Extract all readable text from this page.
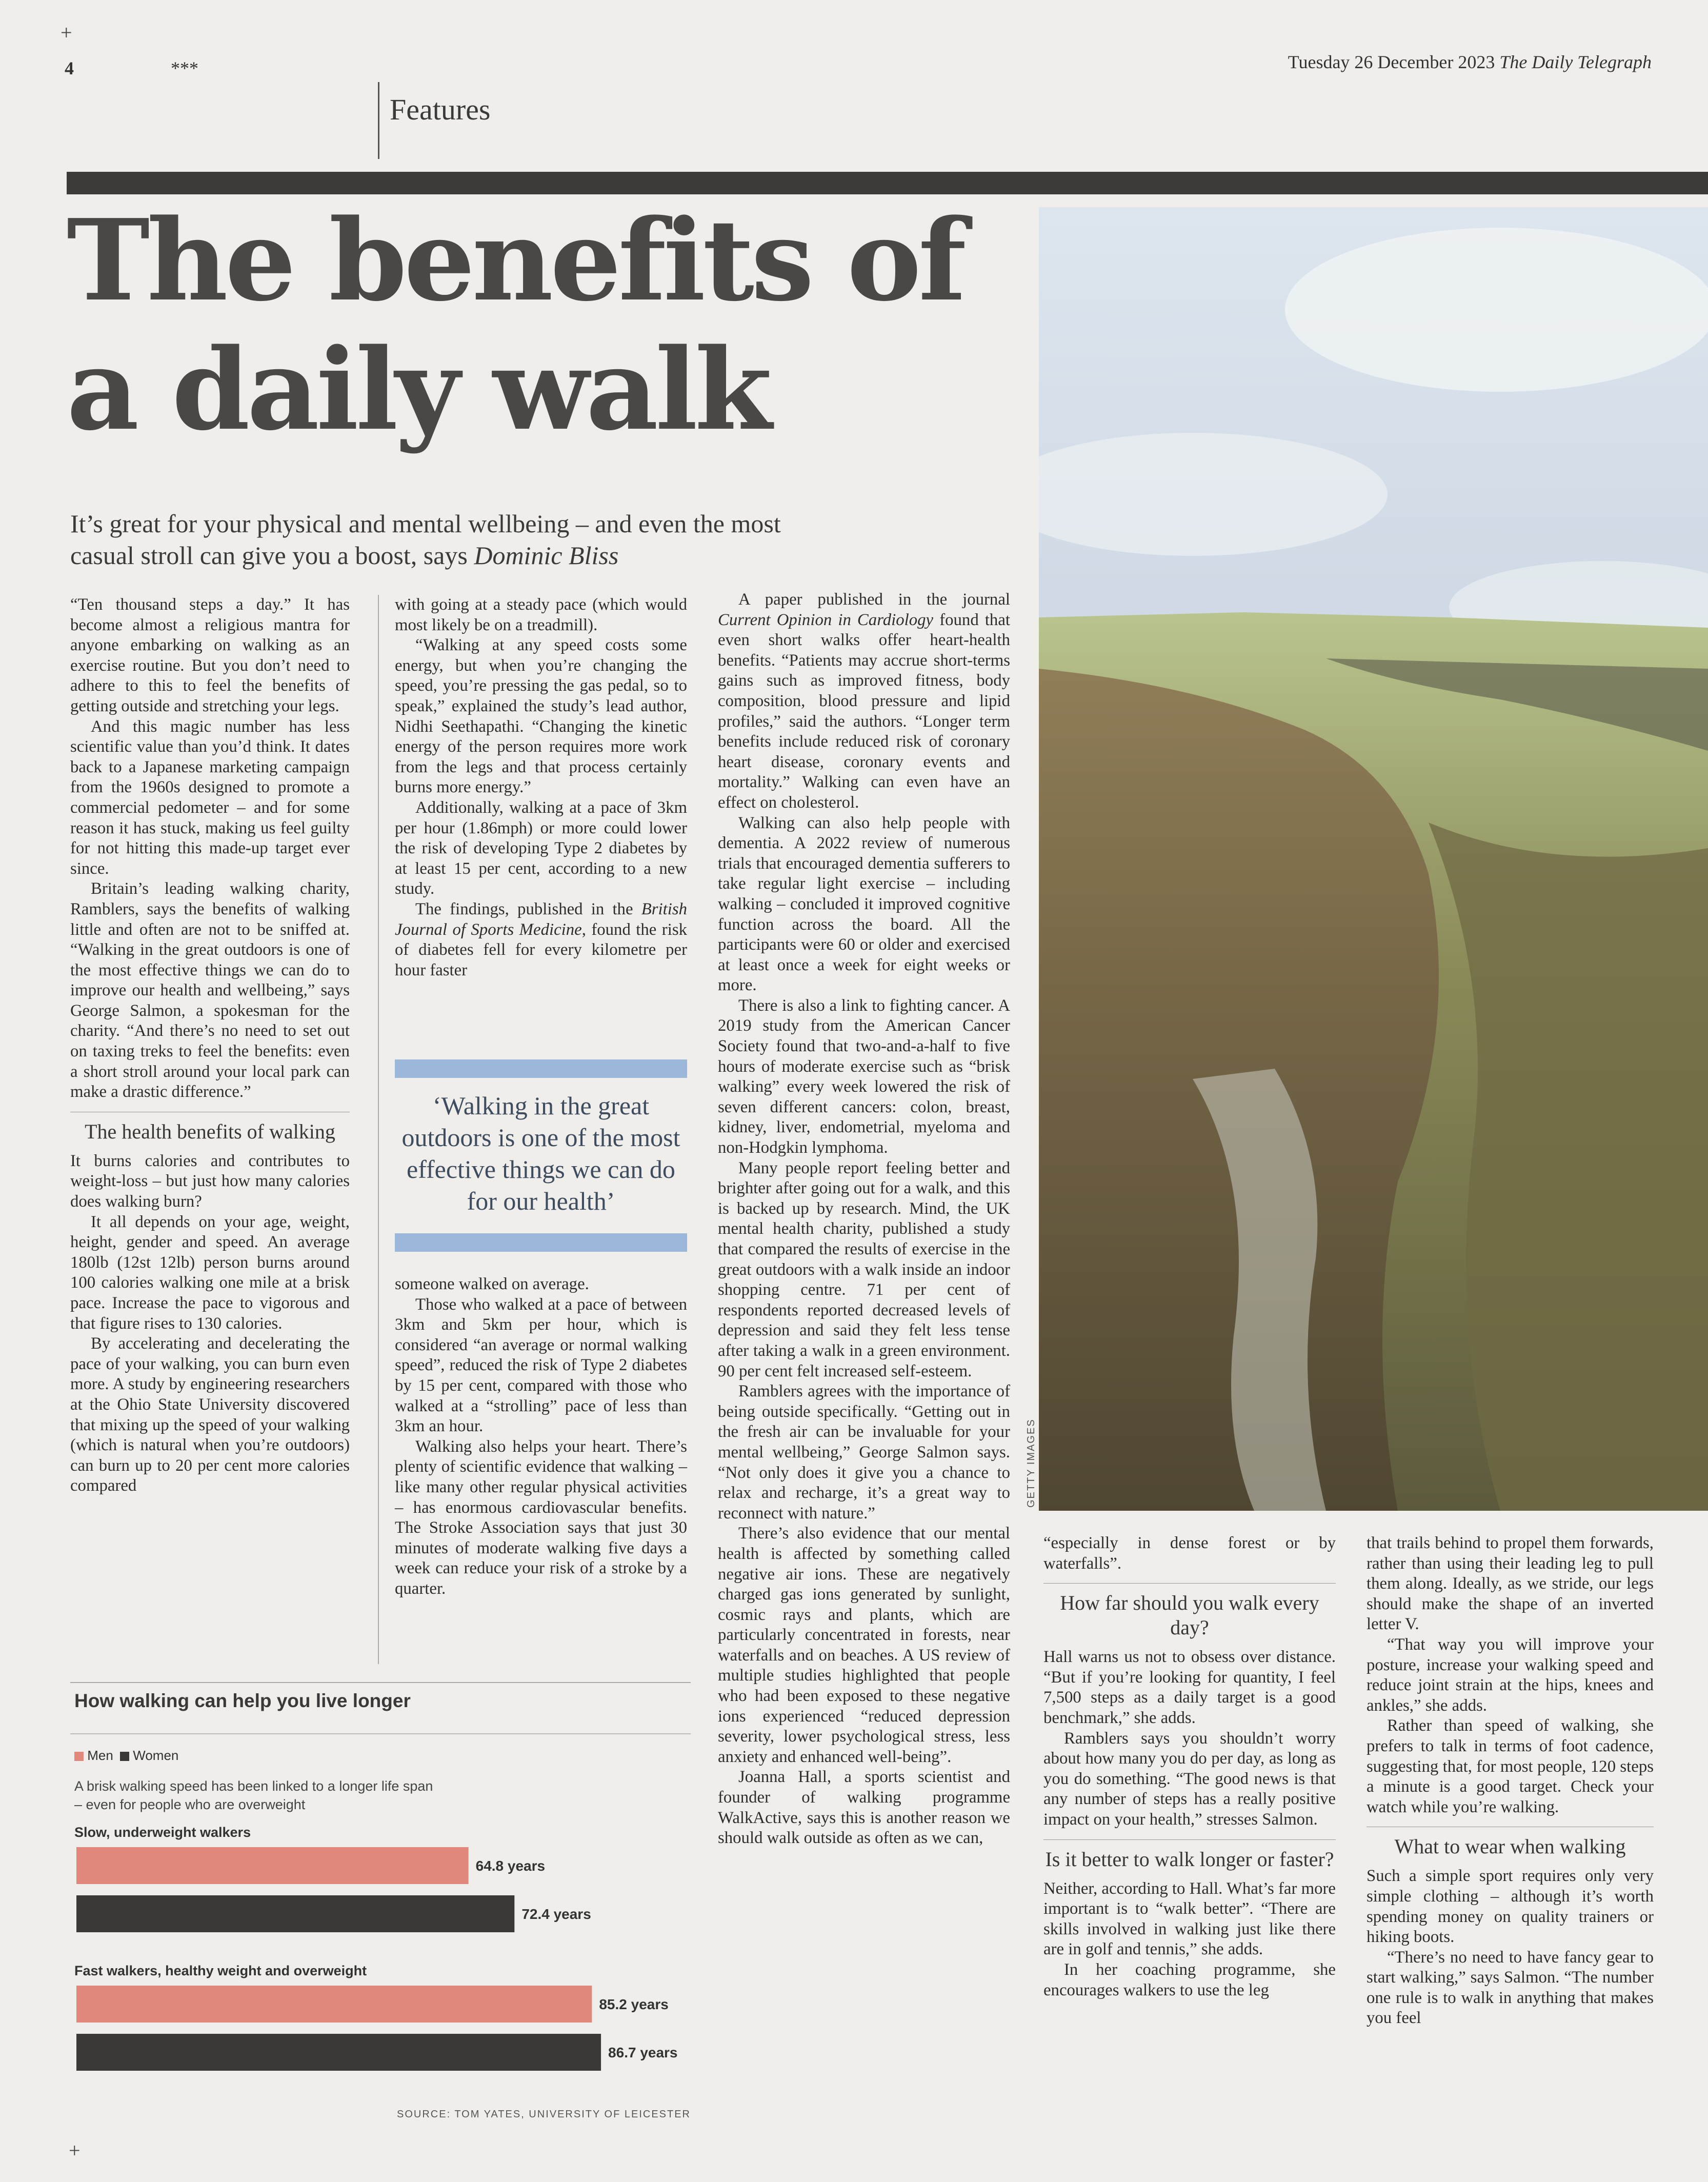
+
+
4	***	Tuesday 26 December 2023 The Daily Telegraph
Features
The benefits of
a daily walk
It’s great for your physical and mental wellbeing – and even the most
casual stroll can give you a boost, says Dominic Bliss
GETTY IMAGES

“Ten thousand steps a day.” It has become almost a religious mantra for anyone embarking on walking as an exercise routine. But you don’t need to adhere to this to feel the benefits of getting outside and stretching your legs.

And this magic number has less scientific value than you’d think. It dates back to a Japanese marketing campaign from the 1960s designed to promote a commercial pedometer – and for some reason it has stuck, making us feel guilty for not hitting this made-up target ever since.

Britain’s leading walking charity, Ramblers, says the benefits of walking little and often are not to be sniffed at. “Walking in the great outdoors is one of the most effective things we can do to improve our health and wellbeing,” says George Salmon, a spokesman for the charity. “And there’s no need to set out on taxing treks to feel the benefits: even a short stroll around your local park can make a drastic difference.”

The health benefits of walking

It burns calories and contributes to weight-loss – but just how many calories does walking burn?

It all depends on your age, weight, height, gender and speed. An average 180lb (12st 12lb) person burns around 100 calories walking one mile at a brisk pace. Increase the pace to vigorous and that figure rises to 130 calories.

By accelerating and decelerating the pace of your walking, you can burn even more. A study by engineering researchers at the Ohio State University discovered that mixing up the speed of your walking (which is natural when you’re outdoors) can burn up to 20 per cent more calories compared

with going at a steady pace (which would most likely be on a treadmill).

“Walking at any speed costs some energy, but when you’re changing the speed, you’re pressing the gas pedal, so to speak,” explained the study’s lead author, Nidhi Seethapathi. “Changing the kinetic energy of the person requires more work from the legs and that process certainly burns more energy.”

Additionally, walking at a pace of 3km per hour (1.86mph) or more could lower the risk of developing Type 2 diabetes by at least 15 per cent, according to a new study.

The findings, published in the British Journal of Sports Medicine, found the risk of diabetes fell for every kilometre per hour faster

‘Walking in the great outdoors is one of the most effective things we can do for our health’

someone walked on average.

Those who walked at a pace of between 3km and 5km per hour, which is considered “an average or normal walking speed”, reduced the risk of Type 2 diabetes by 15 per cent, compared with those who walked at a “strolling” pace of less than 3km an hour.

Walking also helps your heart. There’s plenty of scientific evidence that walking – like many other regular physical activities – has enormous cardiovascular benefits. The Stroke Association says that just 30 minutes of moderate walking five days a week can reduce your risk of a stroke by a quarter.

A paper published in the journal Current Opinion in Cardiology found that even short walks offer heart-health benefits. “Patients may accrue short-terms gains such as improved fitness, body composition, blood pressure and lipid profiles,” said the authors. “Longer term benefits include reduced risk of coronary heart disease, coronary events and mortality.” Walking can even have an effect on cholesterol.

Walking can also help people with dementia. A 2022 review of numerous trials that encouraged dementia sufferers to take regular light exercise – including walking – concluded it improved cognitive function across the board. All the participants were 60 or older and exercised at least once a week for eight weeks or more.

There is also a link to fighting cancer. A 2019 study from the American Cancer Society found that two-and-a-half to five hours of moderate exercise such as “brisk walking” every week lowered the risk of seven different cancers: colon, breast, kidney, liver, endometrial, myeloma and non-Hodgkin lymphoma.

Many people report feeling better and brighter after going out for a walk, and this is backed up by research. Mind, the UK mental health charity, published a study that compared the results of exercise in the great outdoors with a walk inside an indoor shopping centre. 71 per cent of respondents reported decreased levels of depression and said they felt less tense after taking a walk in a green environment. 90 per cent felt increased self-esteem.

Ramblers agrees with the importance of being outside specifically. “Getting out in the fresh air can be invaluable for your mental wellbeing,” George Salmon says. “Not only does it give you a chance to relax and recharge, it’s a great way to reconnect with nature.”

There’s also evidence that our mental health is affected by something called negative air ions. These are negatively charged gas ions generated by sunlight, cosmic rays and plants, which are particularly concentrated in forests, near waterfalls and on beaches. A US review of multiple studies highlighted that people who had been exposed to these negative ions experienced “reduced depression severity, lower psychological stress, less anxiety and enhanced well-being”.

Joanna Hall, a sports scientist and founder of walking programme WalkActive, says this is another reason we should walk outside as often as we can,

“especially in dense forest or by waterfalls”.

How far should you walk every day?

Hall warns us not to obsess over distance. “But if you’re looking for quantity, I feel 7,500 steps as a daily target is a good benchmark,” she adds.

Ramblers says you shouldn’t worry about how many you do per day, as long as you do something. “The good news is that any number of steps has a really positive impact on your health,” stresses Salmon.

Is it better to walk longer or faster?

Neither, according to Hall. What’s far more important is to “walk better”. “There are skills involved in walking just like there are in golf and tennis,” she adds.

In her coaching programme, she encourages walkers to use the leg

that trails behind to propel them forwards, rather than using their leading leg to pull them along. Ideally, as we stride, our legs should make the shape of an inverted letter V.

“That way you will improve your posture, increase your walking speed and reduce joint strain at the hips, knees and ankles,” she adds.

Rather than speed of walking, she prefers to talk in terms of foot cadence, suggesting that, for most people, 120 steps a minute is a good target. Check your watch while you’re walking.

What to wear when walking

Such a simple sport requires only very simple clothing – although it’s worth spending money on quality trainers or hiking boots.

“There’s no need to have fancy gear to start walking,” says Salmon. “The number one rule is to walk in anything that makes you feel

How walking can help you live longer
Men Women
A brisk walking speed has been linked to a longer life span – even for people who are overweight
Slow, underweight walkers
64.8 years
72.4 years
Fast walkers, healthy weight and overweight
85.2 years
86.7 years
SOURCE: TOM YATES, UNIVERSITY OF LEICESTER
